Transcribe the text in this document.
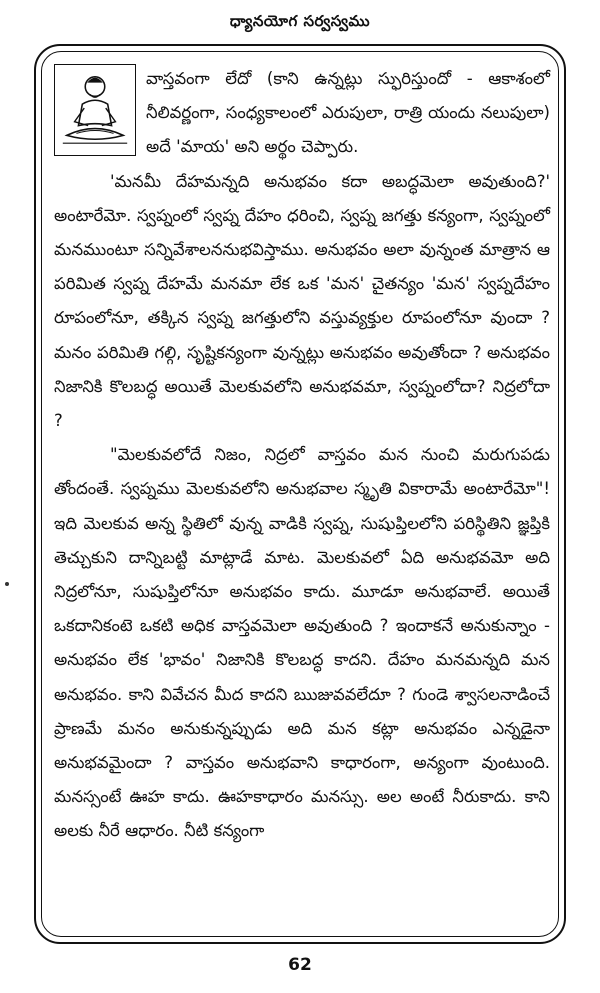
ధ్యానయోగ సర్వస్వము

వాస్తవంగా లేదో (కాని ఉన్నట్లు స్ఫురిస్తుందో - ఆకాశంలో నీలివర్ణంగా, సంధ్యకాలంలో ఎరుపులా, రాత్రి యందు నలుపులా) అదే 'మాయ' అని అర్థం చెప్పారు.

'మనమీ దేహమన్నది అనుభవం కదా అబద్ధమెలా అవుతుంది?' అంటారేమో. స్వప్నంలో స్వప్న దేహం ధరించి, స్వప్న జగత్తు కన్యంగా, స్వప్నంలో మనముంటూ సన్నివేశాలననుభవిస్తాము. అనుభవం అలా వున్నంత మాత్రాన ఆ పరిమిత స్వప్న దేహమే మనమా లేక ఒక 'మన' చైతన్యం 'మన' స్వప్నదేహం రూపంలోనూ, తక్కిన స్వప్న జగత్తులోని వస్తువ్యక్తుల రూపంలోనూ వుందా ? మనం పరిమితి గల్గి, సృష్టికన్యంగా వున్నట్లు అనుభవం అవుతోందా ? అనుభవం నిజానికి కొలబద్ధ అయితే మెలకువలోని అనుభవమా, స్వప్నంలోదా? నిద్రలోదా ?

"మెలకువలోదే నిజం, నిద్రలో వాస్తవం మన నుంచి మరుగుపడు తోందంతే. స్వప్నము మెలకువలోని అనుభవాల స్మృతి వికారామే అంటారేమో"! ఇది మెలకువ అన్న స్థితిలో వున్న వాడికి స్వప్న, సుషుప్తిలలోని పరిస్థితిని జ్ఞప్తికి తెచ్చుకుని దాన్నిబట్టి మాట్లాడే మాట. మెలకువలో ఏది అనుభవమో అది నిద్రలోనూ, సుషుప్తిలోనూ అనుభవం కాదు. మూడూ అనుభవాలే. అయితే ఒకదానికంటె ఒకటి అధిక వాస్తవమెలా అవుతుంది ? ఇందాకనే అనుకున్నాం - అనుభవం లేక 'భావం' నిజానికి కొలబద్ధ కాదని. దేహం మనమన్నది మన అనుభవం. కాని వివేచన మీద కాదని ఋజువవలేదూ ? గుండె శ్వాసలనాడించే ప్రాణమే మనం అనుకున్నప్పుడు అది మన కట్లా అనుభవం ఎన్నడైనా అనుభవమైందా ? వాస్తవం అనుభవాని కాధారంగా, అన్యంగా వుంటుంది. మనస్సంటే ఊహ కాదు. ఊహకాధారం మనస్సు. అల అంటే నీరుకాదు. కాని అలకు నీరే ఆధారం. నీటి కన్యంగా

62
